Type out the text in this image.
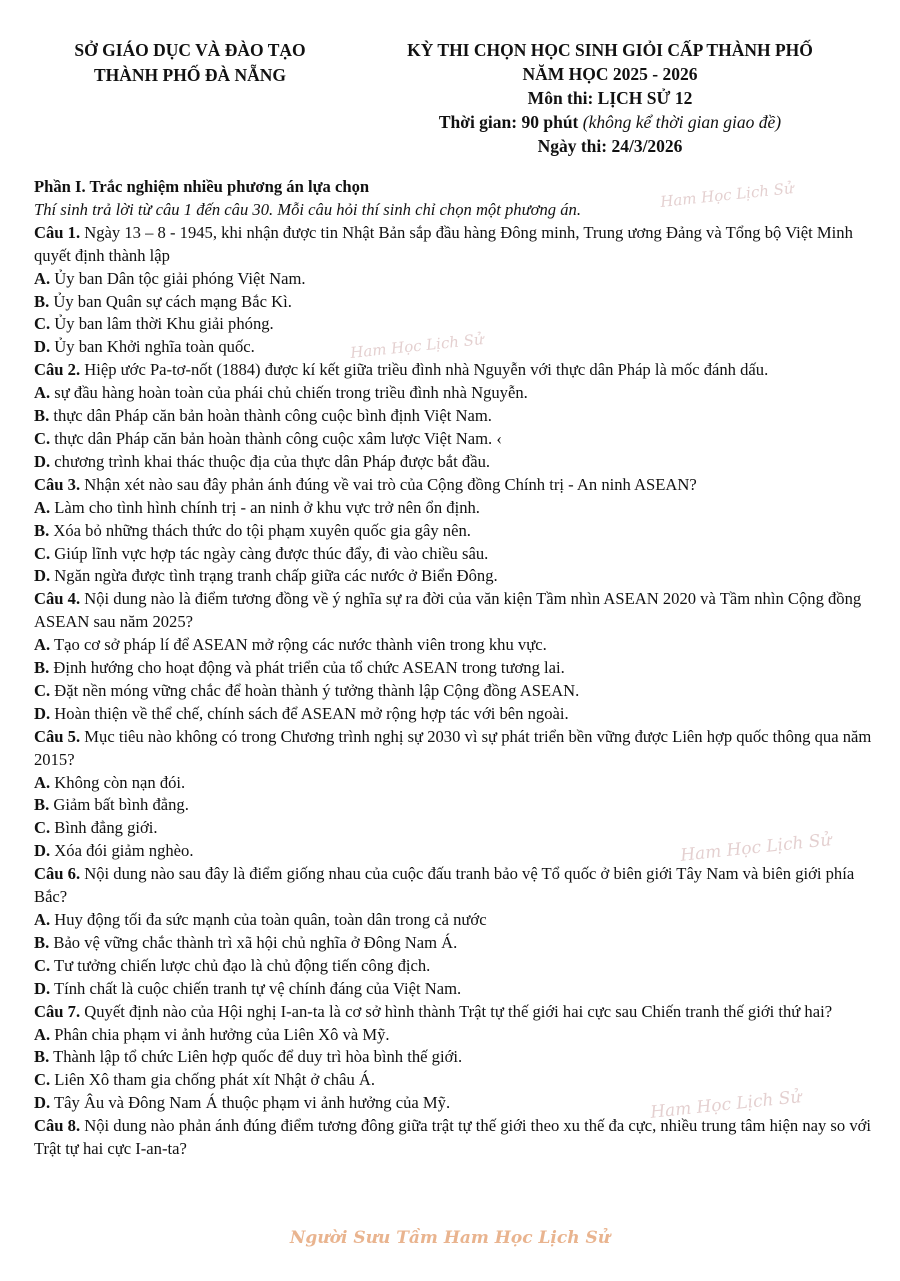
SỞ GIÁO DỤC VÀ ĐÀO TẠO
THÀNH PHỐ ĐÀ NẴNG
KỲ THI CHỌN HỌC SINH GIỎI CẤP THÀNH PHỐ
NĂM HỌC 2025 - 2026
Môn thi: LỊCH SỬ 12
Thời gian: 90 phút (không kể thời gian giao đề)
Ngày thi: 24/3/2026

Phần I. Trắc nghiệm nhiều phương án lựa chọn

Thí sinh trả lời từ câu 1 đến câu 30. Mỗi câu hỏi thí sinh chỉ chọn một phương án.

Câu 1. Ngày 13 – 8 - 1945, khi nhận được tin Nhật Bản sắp đầu hàng Đông minh, Trung ương Đảng và Tổng bộ Việt Minh quyết định thành lập

A. Ủy ban Dân tộc giải phóng Việt Nam.

B. Ủy ban Quân sự cách mạng Bắc Kì.

C. Ủy ban lâm thời Khu giải phóng.

D. Ủy ban Khởi nghĩa toàn quốc.

Câu 2. Hiệp ước Pa-tơ-nốt (1884) được kí kết giữa triều đình nhà Nguyễn với thực dân Pháp là mốc đánh dấu.

A. sự đầu hàng hoàn toàn của phái chủ chiến trong triều đình nhà Nguyễn.

B. thực dân Pháp căn bản hoàn thành công cuộc bình định Việt Nam.

C. thực dân Pháp căn bản hoàn thành công cuộc xâm lược Việt Nam. ‹

D. chương trình khai thác thuộc địa của thực dân Pháp được bắt đầu.

Câu 3. Nhận xét nào sau đây phản ánh đúng về vai trò của Cộng đồng Chính trị - An ninh ASEAN?

A. Làm cho tình hình chính trị - an ninh ở khu vực trở nên ổn định.

B. Xóa bỏ những thách thức do tội phạm xuyên quốc gia gây nên.

C. Giúp lĩnh vực hợp tác ngày càng được thúc đẩy, đi vào chiều sâu.

D. Ngăn ngừa được tình trạng tranh chấp giữa các nước ở Biển Đông.

Câu 4. Nội dung nào là điểm tương đồng về ý nghĩa sự ra đời của văn kiện Tầm nhìn ASEAN 2020 và Tầm nhìn Cộng đồng ASEAN sau năm 2025?

A. Tạo cơ sở pháp lí để ASEAN mở rộng các nước thành viên trong khu vực.

B. Định hướng cho hoạt động và phát triển của tổ chức ASEAN trong tương lai.

C. Đặt nền móng vững chắc để hoàn thành ý tưởng thành lập Cộng đồng ASEAN.

D. Hoàn thiện về thể chế, chính sách để ASEAN mở rộng hợp tác với bên ngoài.

Câu 5. Mục tiêu nào không có trong Chương trình nghị sự 2030 vì sự phát triển bền vững được Liên hợp quốc thông qua năm 2015?

A. Không còn nạn đói.

B. Giảm bất bình đẳng.

C. Bình đẳng giới.

D. Xóa đói giảm nghèo.

Câu 6. Nội dung nào sau đây là điểm giống nhau của cuộc đấu tranh bảo vệ Tổ quốc ở biên giới Tây Nam và biên giới phía Bắc?

A. Huy động tối đa sức mạnh của toàn quân, toàn dân trong cả nước

B. Bảo vệ vững chắc thành trì xã hội chủ nghĩa ở Đông Nam Á.

C. Tư tưởng chiến lược chủ đạo là chủ động tiến công địch.

D. Tính chất là cuộc chiến tranh tự vệ chính đáng của Việt Nam.

Câu 7. Quyết định nào của Hội nghị I-an-ta là cơ sở hình thành Trật tự thế giới hai cực sau Chiến tranh thế giới thứ hai?

A. Phân chia phạm vi ảnh hưởng của Liên Xô và Mỹ.

B. Thành lập tổ chức Liên hợp quốc để duy trì hòa bình thế giới.

C. Liên Xô tham gia chống phát xít Nhật ở châu Á.

D. Tây Âu và Đông Nam Á thuộc phạm vi ảnh hưởng của Mỹ.

Câu 8. Nội dung nào phản ánh đúng điểm tương đông giữa trật tự thế giới theo xu thế đa cực, nhiều trung tâm hiện nay so với Trật tự hai cực I-an-ta?

Ham Học Lịch Sử
Ham Học Lịch Sử
Ham Học Lịch Sử
Ham Học Lịch Sử
Người Sưu Tầm Ham Học Lịch Sử
